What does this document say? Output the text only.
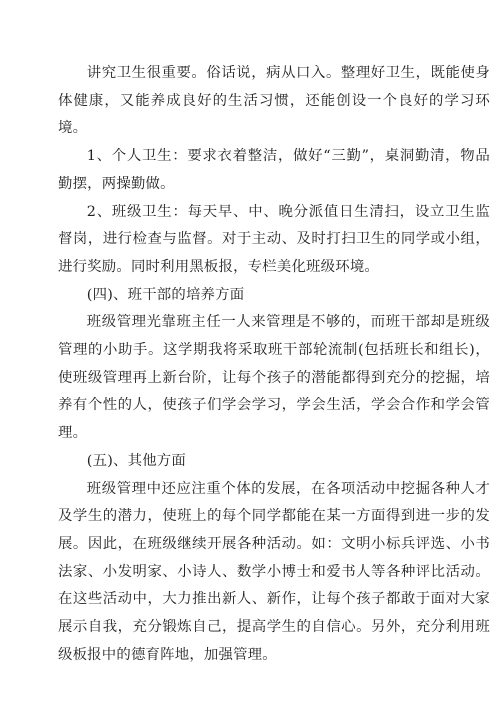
讲究卫生很重要。俗话说，病从口入。整理好卫生，既能使身体健康，又能养成良好的生活习惯，还能创设一个良好的学习环境。

1、个人卫生：要求衣着整洁，做好“三勤”，桌洞勤清，物品勤摆，两操勤做。

2、班级卫生：每天早、中、晚分派值日生清扫，设立卫生监督岗，进行检查与监督。对于主动、及时打扫卫生的同学或小组，进行奖励。同时利用黑板报，专栏美化班级环境。

(四)、班干部的培养方面

班级管理光靠班主任一人来管理是不够的，而班干部却是班级管理的小助手。这学期我将采取班干部轮流制(包括班长和组长)，使班级管理再上新台阶，让每个孩子的潜能都得到充分的挖掘，培养有个性的人，使孩子们学会学习，学会生活，学会合作和学会管理。

(五)、其他方面

班级管理中还应注重个体的发展，在各项活动中挖掘各种人才及学生的潜力，使班上的每个同学都能在某一方面得到进一步的发展。因此，在班级继续开展各种活动。如：文明小标兵评选、小书法家、小发明家、小诗人、数学小博士和爱书人等各种评比活动。在这些活动中，大力推出新人、新作，让每个孩子都敢于面对大家展示自我，充分锻炼自己，提高学生的自信心。另外，充分利用班级板报中的德育阵地，加强管理。
